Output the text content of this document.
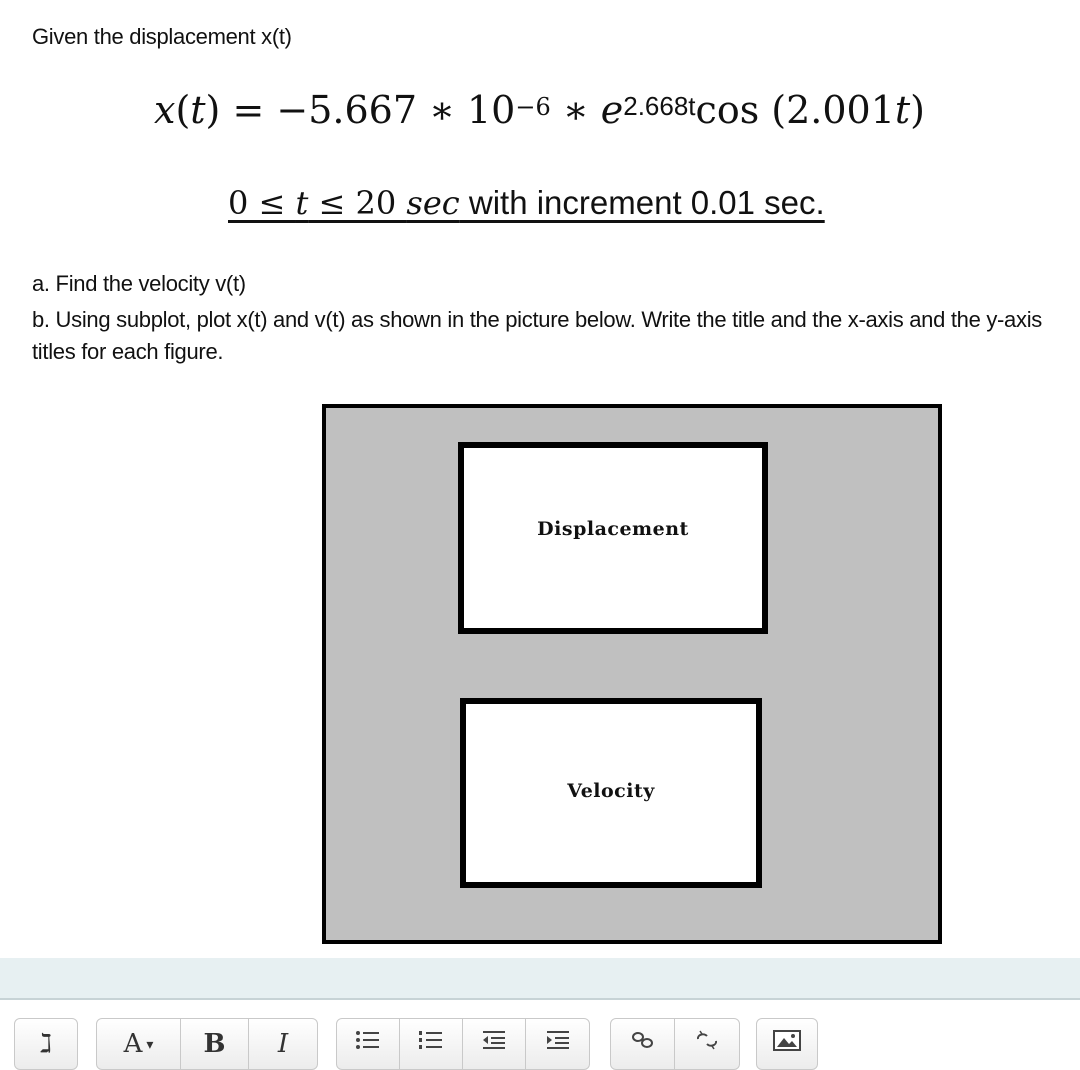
Given the displacement x(t)
x(t) = −5.667 ∗ $10^{-6}$ ∗ $e^{2.668t}\cos$ (2.001t)
0 ≤ t ≤ 20 sec with increment 0.01 sec.
a. Find the velocity v(t)
b. Using subplot, plot x(t) and v(t) as shown in the picture below. Write the title and the x-axis and the y-axis titles for each figure.
Displacement
Velocity
ℷ	A ▾ B I
